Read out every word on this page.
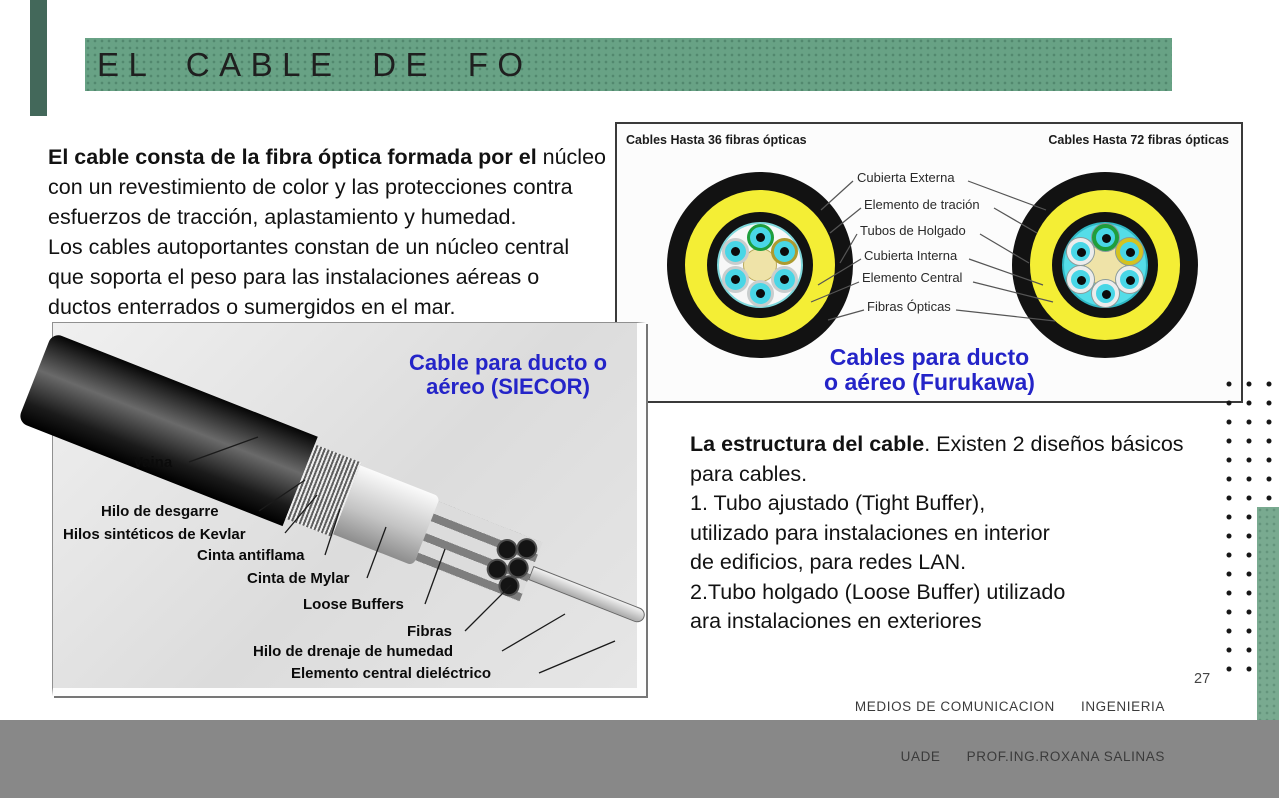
EL CABLE DE FO
El cable consta de la fibra óptica formada por el núcleo
con un revestimiento de color y las protecciones contra
esfuerzos de tracción, aplastamiento y humedad.
Los cables autoportantes constan de un núcleo central
que soporta el peso para las instalaciones aéreas o
ductos enterrados o sumergidos en el mar.
Cables Hasta 36 fibras ópticas	Cables Hasta 72 fibras ópticas
Cubierta Externa
Elemento de tración
Tubos de Holgado
Cubierta Interna
Elemento Central
Fibras Ópticas
Cables para ducto
o aéreo (Furukawa)
Vaina
Hilo de desgarre
Hilos sintéticos de Kevlar
Cinta antiflama
Cinta de Mylar
Loose Buffers
Fibras
Hilo de drenaje de humedad
Elemento central dieléctrico
Cable para ducto o
aéreo (SIECOR)
La estructura del cable. Existen 2 diseños básicos
para cables.
1. Tubo ajustado (Tight Buffer),
utilizado para instalaciones en interior
de edificios, para redes LAN.
2.Tubo holgado (Loose Buffer) utilizado
ara instalaciones en exteriores

MEDIOS DE COMUNICACION      INGENIERIA

UADE      PROF.ING.ROXANA SALINAS

27
